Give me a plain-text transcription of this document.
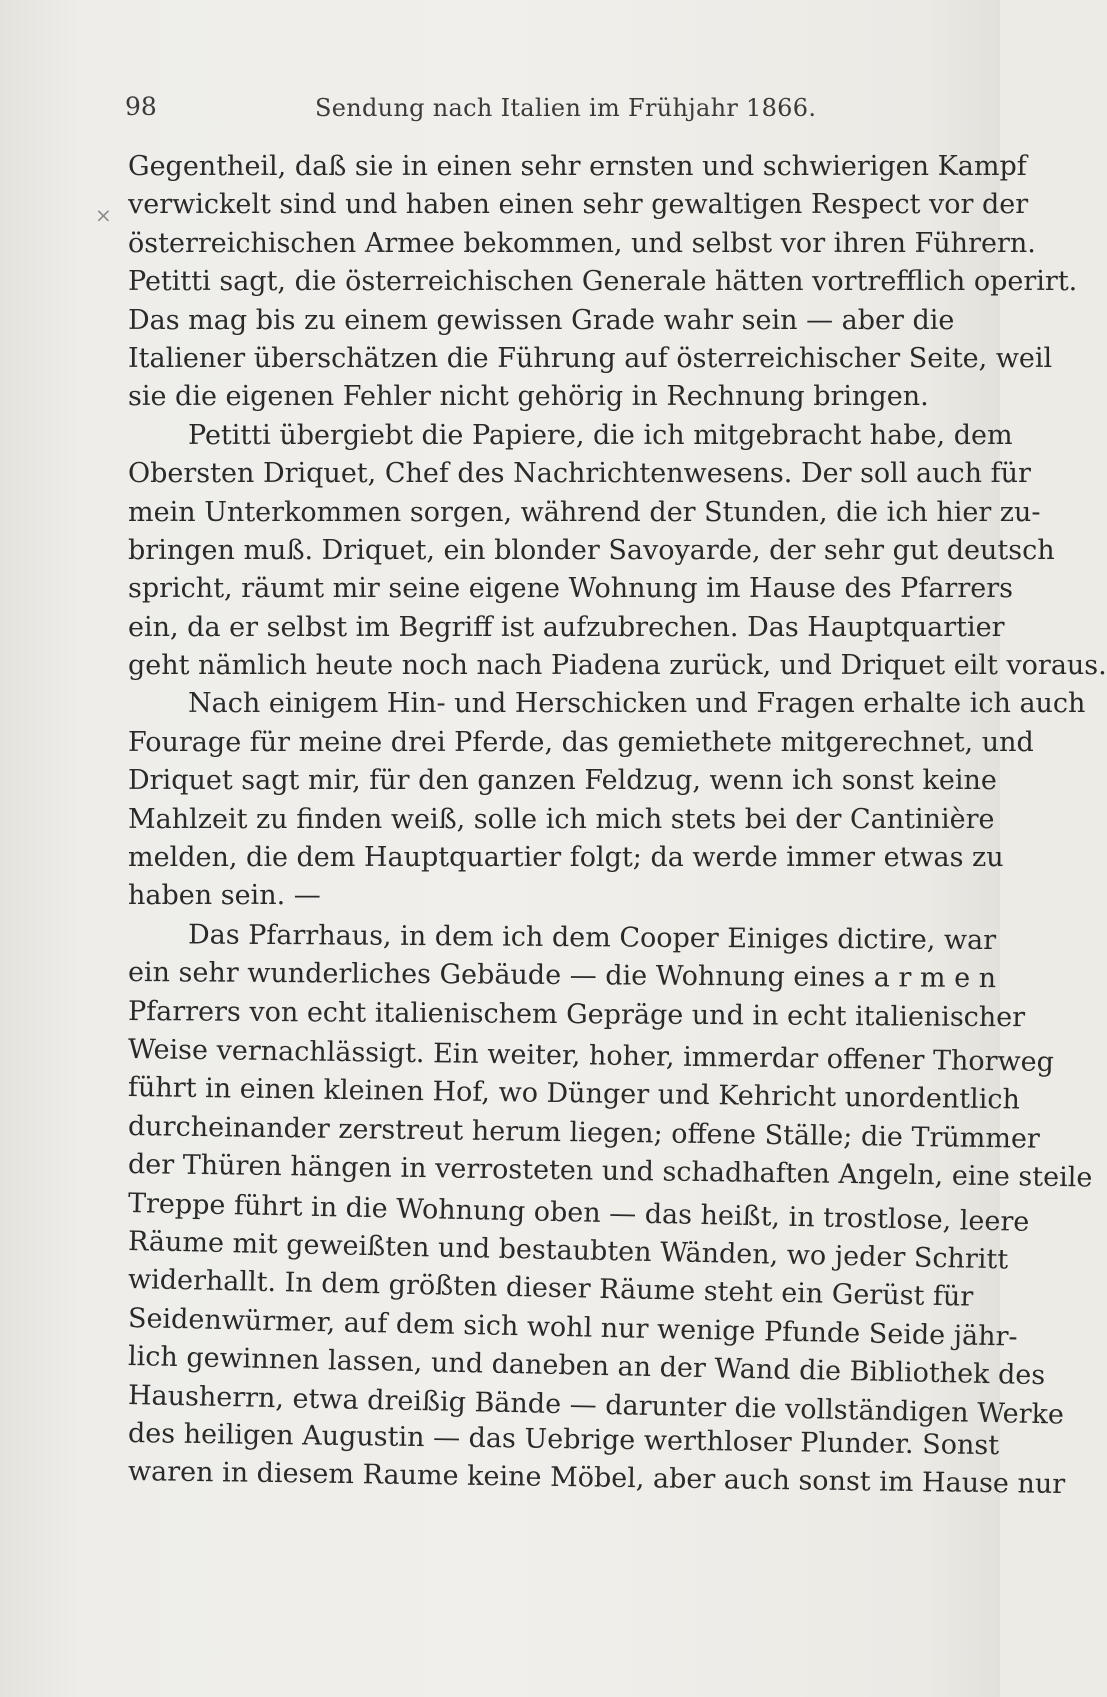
98	Sendung nach Italien im Frühjahr 1866.
×
Gegentheil, daß sie in einen sehr ernsten und schwierigen Kampf
verwickelt sind und haben einen sehr gewaltigen Respect vor der
österreichischen Armee bekommen, und selbst vor ihren Führern.
Petitti sagt, die österreichischen Generale hätten vortrefflich operirt.
Das mag bis zu einem gewissen Grade wahr sein — aber die
Italiener überschätzen die Führung auf österreichischer Seite, weil
sie die eigenen Fehler nicht gehörig in Rechnung bringen.
Petitti übergiebt die Papiere, die ich mitgebracht habe, dem
Obersten Driquet, Chef des Nachrichtenwesens. Der soll auch für
mein Unterkommen sorgen, während der Stunden, die ich hier zu-
bringen muß. Driquet, ein blonder Savoyarde, der sehr gut deutsch
spricht, räumt mir seine eigene Wohnung im Hause des Pfarrers
ein, da er selbst im Begriff ist aufzubrechen. Das Hauptquartier
geht nämlich heute noch nach Piadena zurück, und Driquet eilt voraus.
Nach einigem Hin- und Herschicken und Fragen erhalte ich auch
Fourage für meine drei Pferde, das gemiethete mitgerechnet, und
Driquet sagt mir, für den ganzen Feldzug, wenn ich sonst keine
Mahlzeit zu finden weiß, solle ich mich stets bei der Cantinière
melden, die dem Hauptquartier folgt; da werde immer etwas zu
haben sein. —
Das Pfarrhaus, in dem ich dem Cooper Einiges dictire, war
ein sehr wunderliches Gebäude — die Wohnung eines a r m e n
Pfarrers von echt italienischem Gepräge und in echt italienischer
Weise vernachlässigt. Ein weiter, hoher, immerdar offener Thorweg
führt in einen kleinen Hof, wo Dünger und Kehricht unordentlich
durcheinander zerstreut herum liegen; offene Ställe; die Trümmer
der Thüren hängen in verrosteten und schadhaften Angeln, eine steile
Treppe führt in die Wohnung oben — das heißt, in trostlose, leere
Räume mit geweißten und bestaubten Wänden, wo jeder Schritt
widerhallt. In dem größten dieser Räume steht ein Gerüst für
Seidenwürmer, auf dem sich wohl nur wenige Pfunde Seide jähr-
lich gewinnen lassen, und daneben an der Wand die Bibliothek des
Hausherrn, etwa dreißig Bände — darunter die vollständigen Werke
des heiligen Augustin — das Uebrige werthloser Plunder. Sonst
waren in diesem Raume keine Möbel, aber auch sonst im Hause nur
